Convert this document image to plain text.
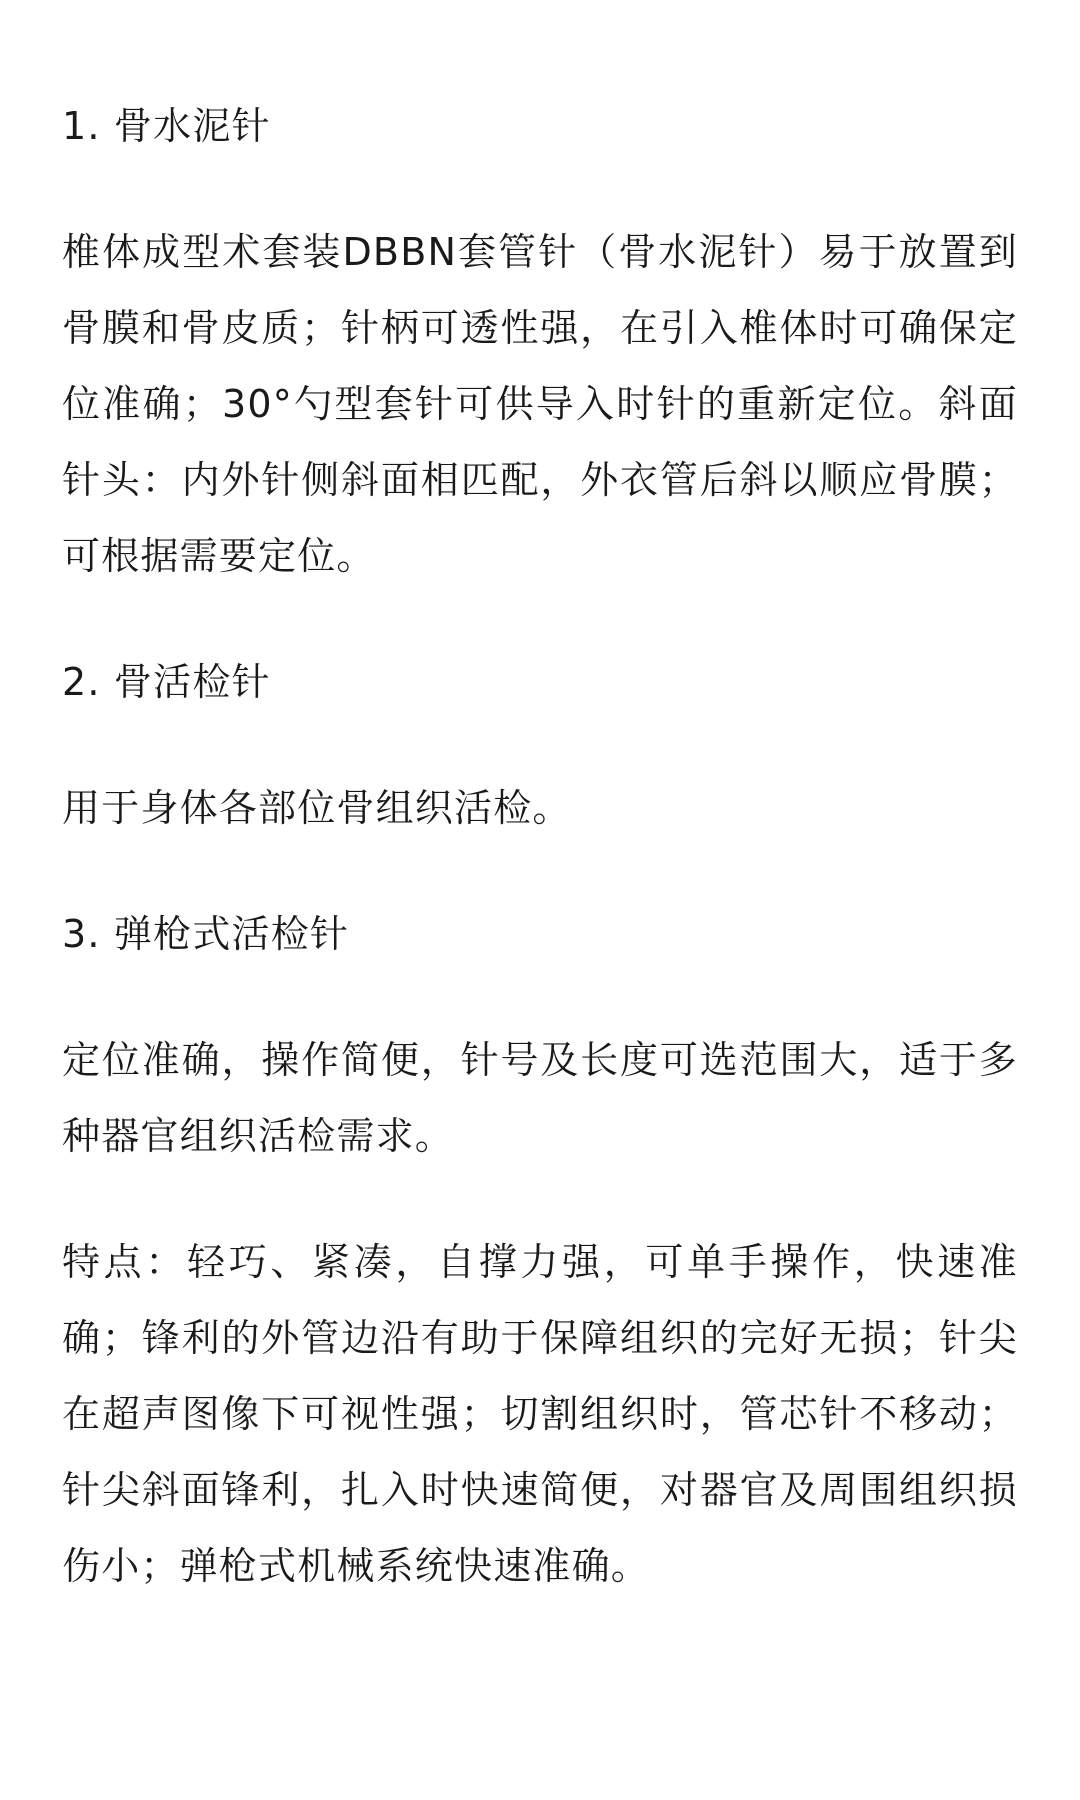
1. 骨水泥针

椎体成型术套装DBBN套管针（骨水泥针）易于放置到骨膜和骨皮质；针柄可透性强，在引入椎体时可确保定位准确；30°勺型套针可供导入时针的重新定位。斜面针头：内外针侧斜面相匹配，外衣管后斜以顺应骨膜；可根据需要定位。

2. 骨活检针

用于身体各部位骨组织活检。

3. 弹枪式活检针

定位准确，操作简便，针号及长度可选范围大，适于多种器官组织活检需求。

特点：轻巧、紧凑，自撑力强，可单手操作，快速准确；锋利的外管边沿有助于保障组织的完好无损；针尖在超声图像下可视性强；切割组织时，管芯针不移动；针尖斜面锋利，扎入时快速简便，对器官及周围组织损伤小；弹枪式机械系统快速准确。
